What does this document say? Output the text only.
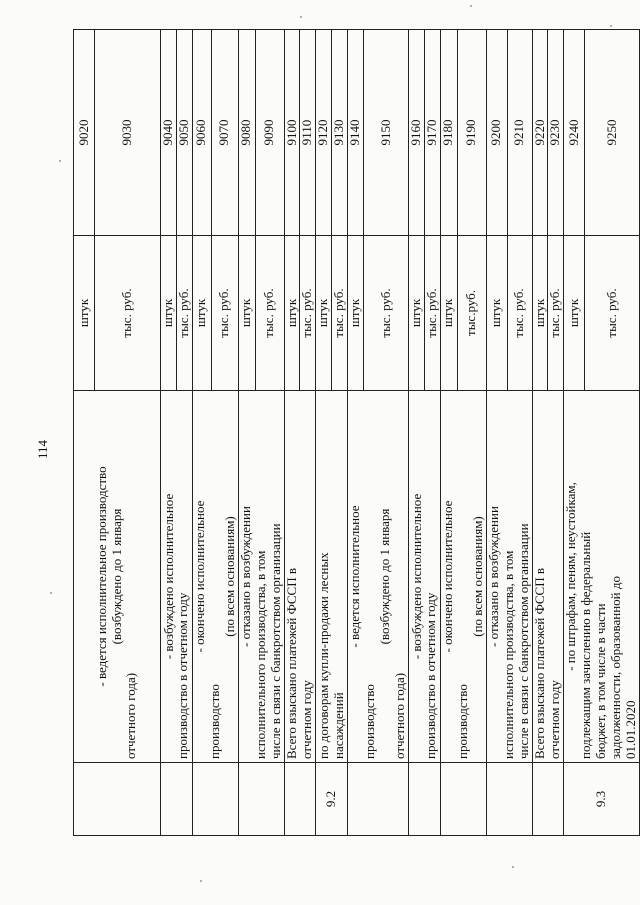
114

	- ведется исполнительное производство (возбуждено до 1 января
отчетного года)	штук	9020
		тыс. руб.	9030

	- возбуждено исполнительное
производство в отчетном году	штук	9040
		тыс. руб.	9050

	- окончено исполнительное
производство
(по всем основаниям)	штук	9060
		тыс. руб.	9070

	- отказано в возбуждении исполнительного производства, в том числе в связи с банкротством организации	штук	9080
		тыс. руб.	9090

	Всего взыскано платежей ФССП в отчетном году	штук	9100
		тыс. руб.	9110
9.2	по договорам купли-продажи лесных насаждений	штук	9120
		тыс. руб.	9130

	- ведется исполнительное
производство
(возбуждено до 1 января
отчетного года)	штук	9140
		тыс. руб.	9150

	- возбуждено исполнительное
производство в отчетном году	штук	9160
		тыс. руб.	9170

	- окончено исполнительное
производство
(по всем основаниям)	штук	9180
		тыс.руб.	9190

	- отказано в возбуждении исполнительного производства, в том числе в связи с банкротством организации	штук	9200
		тыс. руб.	9210

	Всего взыскано платежей ФССП в отчетном году	штук	9220
		тыс. руб.	9230
9.3	- по штрафам, пеням, неустойкам, подлежащим зачислению в федеральный бюджет, в том числе в части задолженности, образованной до 01.01.2020	штук	9240
		тыс. руб.	9250
